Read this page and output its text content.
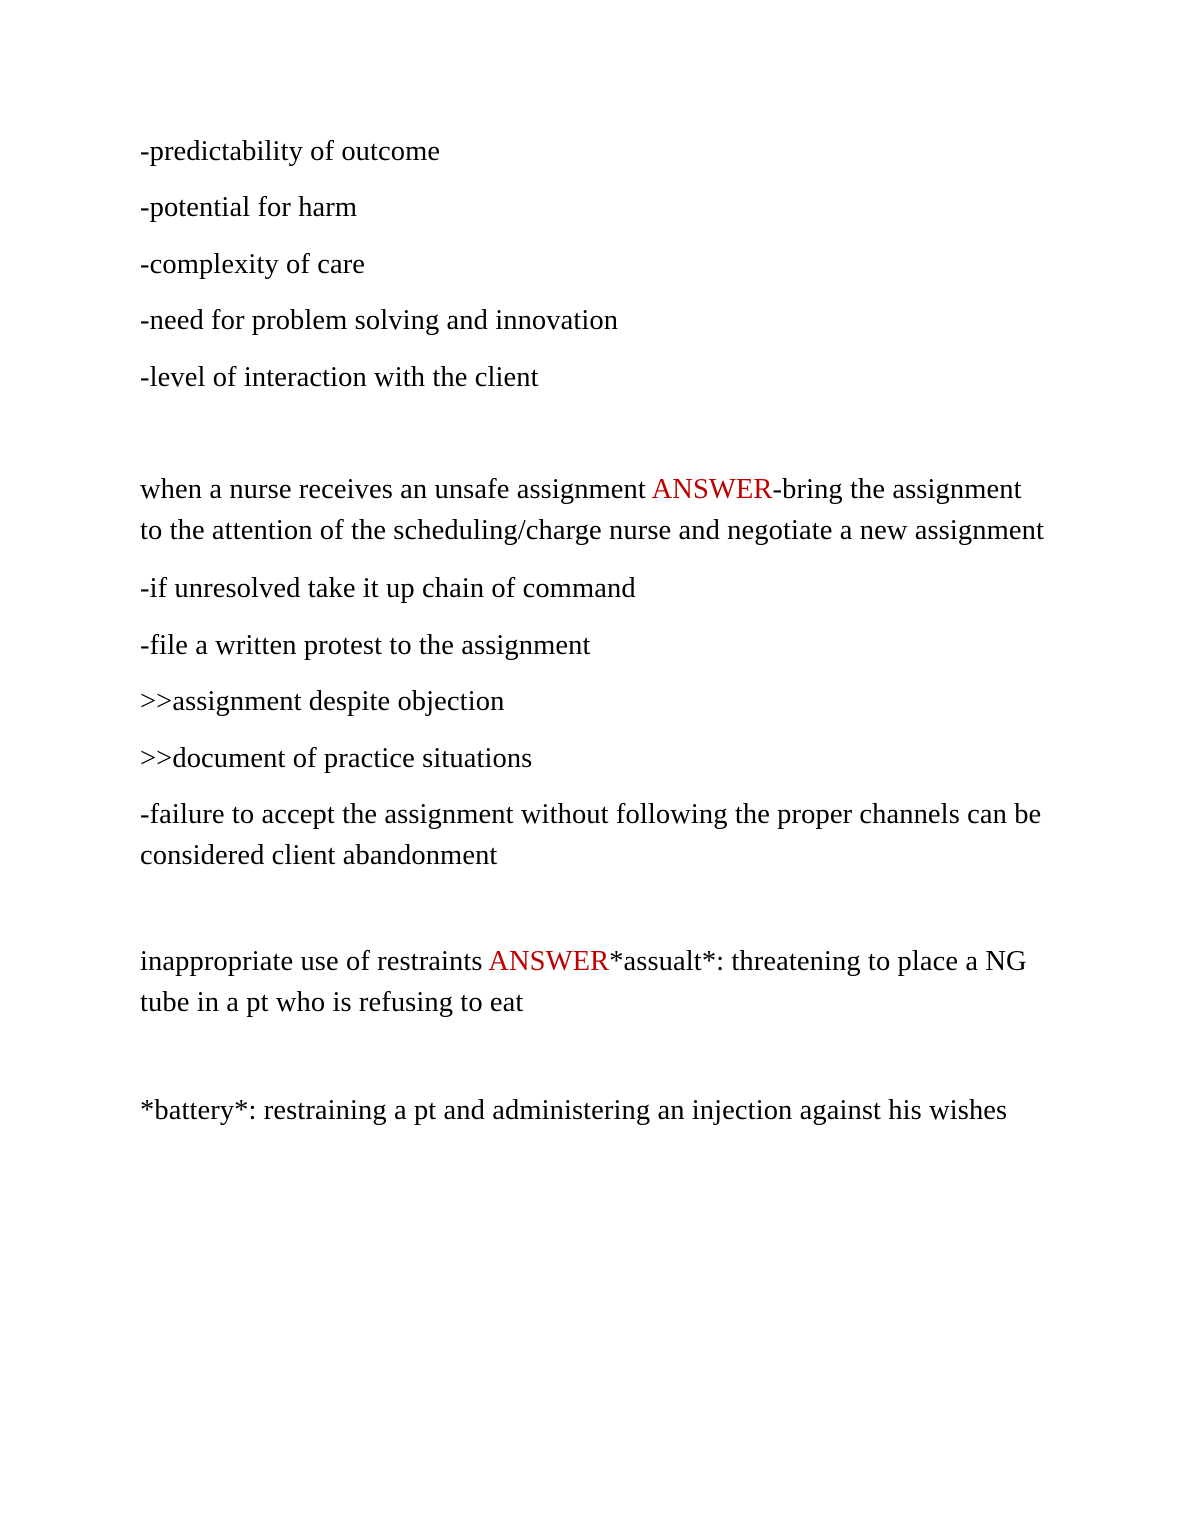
-predictability of outcome

-potential for harm

-complexity of care

-need for problem solving and innovation

-level of interaction with the client

when a nurse receives an unsafe assignment ANSWER-bring the assignment to the attention of the scheduling/charge nurse and negotiate a new assignment

-if unresolved take it up chain of command

-file a written protest to the assignment

>>assignment despite objection

>>document of practice situations

-failure to accept the assignment without following the proper channels can be considered client abandonment

inappropriate use of restraints ANSWER*assualt*: threatening to place a NG tube in a pt who is refusing to eat

*battery*: restraining a pt and administering an injection against his wishes
